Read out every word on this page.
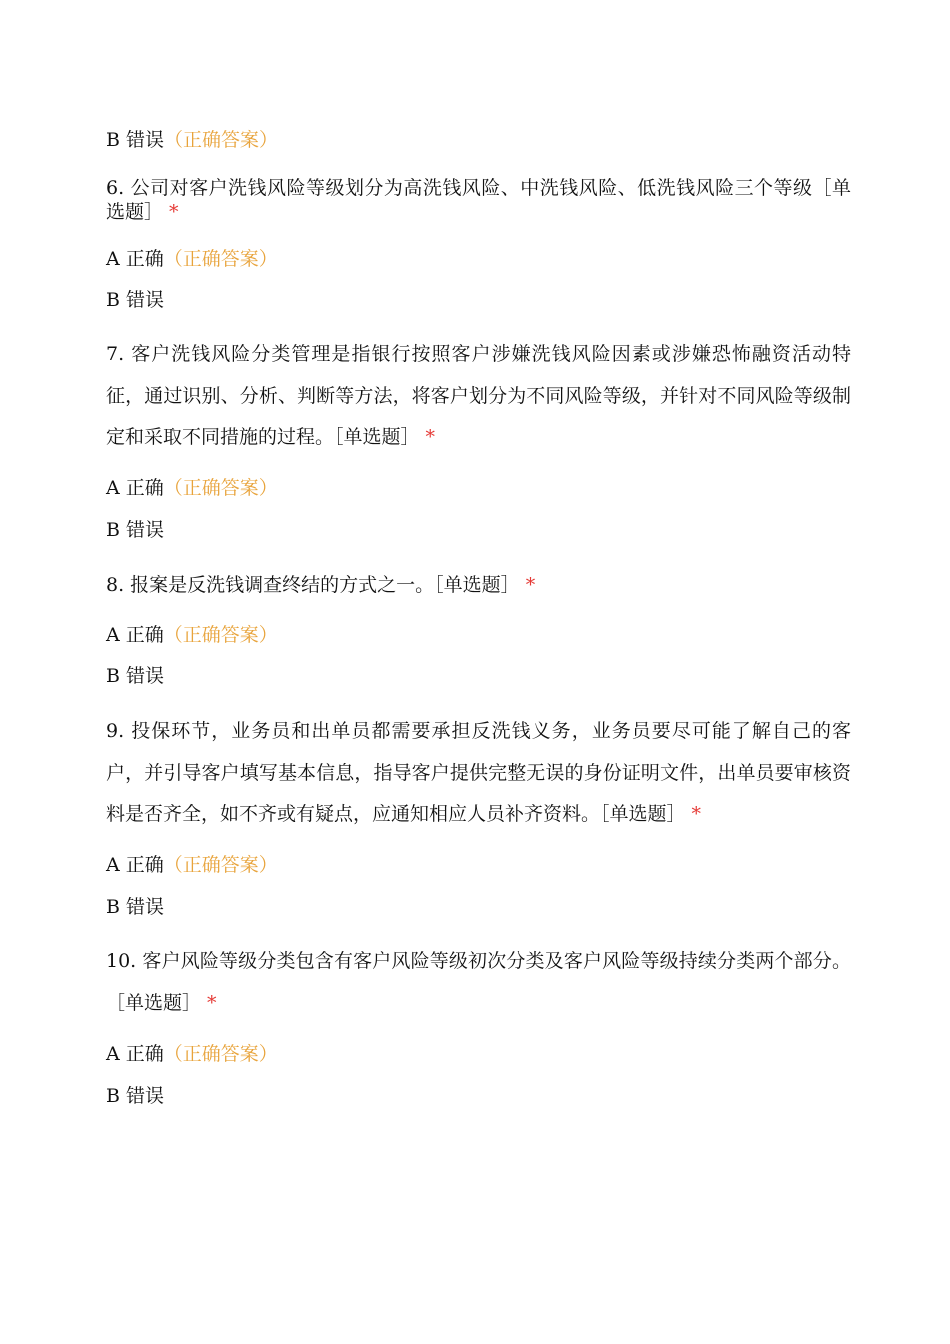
B 错误（正确答案）
6. 公司对客户洗钱风险等级划分为高洗钱风险、中洗钱风险、低洗钱风险三个等级［单选题］ *
A 正确（正确答案）
B 错误
7. 客户洗钱风险分类管理是指银行按照客户涉嫌洗钱风险因素或涉嫌恐怖融资活动特征，通过识别、分析、判断等方法，将客户划分为不同风险等级，并针对不同风险等级制定和采取不同措施的过程。［单选题］ *
A 正确（正确答案）
B 错误
8. 报案是反洗钱调查终结的方式之一。［单选题］ *
A 正确（正确答案）
B 错误
9. 投保环节，业务员和出单员都需要承担反洗钱义务，业务员要尽可能了解自己的客户，并引导客户填写基本信息，指导客户提供完整无误的身份证明文件，出单员要审核资料是否齐全，如不齐或有疑点，应通知相应人员补齐资料。［单选题］ *
A 正确（正确答案）
B 错误
10. 客户风险等级分类包含有客户风险等级初次分类及客户风险等级持续分类两个部分。［单选题］ *
A 正确（正确答案）
B 错误
